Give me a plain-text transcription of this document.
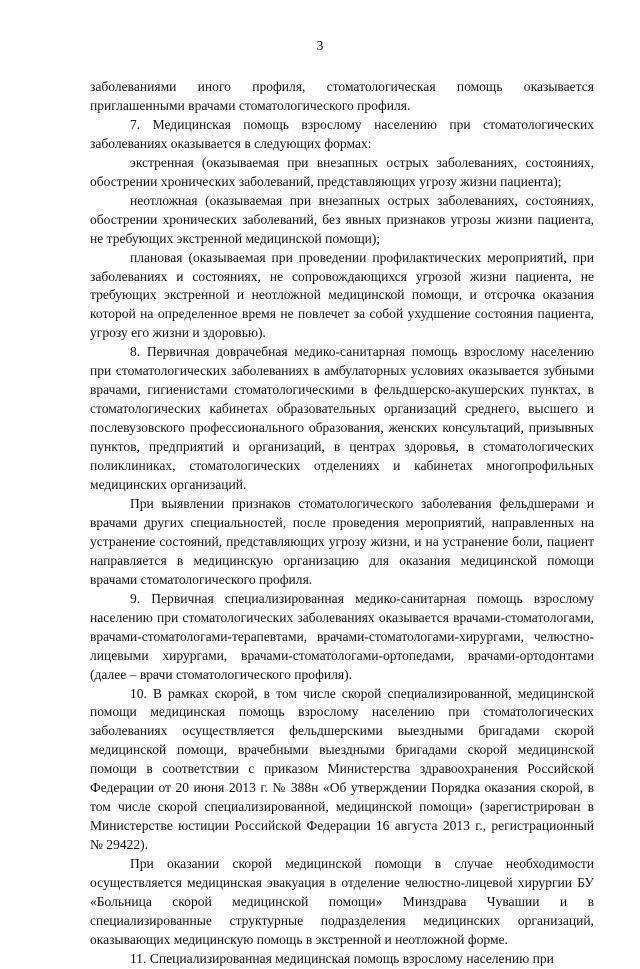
3

заболеваниями иного профиля, стоматологическая помощь оказывается приглашенными врачами стоматологического профиля.

7. Медицинская помощь взрослому населению при стоматологических заболеваниях оказывается в следующих формах:

экстренная (оказываемая при внезапных острых заболеваниях, состояниях, обострении хронических заболеваний, представляющих угрозу жизни пациента);

неотложная (оказываемая при внезапных острых заболеваниях, состояниях, обострении хронических заболеваний, без явных признаков угрозы жизни пациента, не требующих экстренной медицинской помощи);

плановая (оказываемая при проведении профилактических мероприятий, при заболеваниях и состояниях, не сопровождающихся угрозой жизни пациента, не требующих экстренной и неотложной медицинской помощи, и отсрочка оказания которой на определенное время не повлечет за собой ухудшение состояния пациента, угрозу его жизни и здоровью).

8. Первичная доврачебная медико-санитарная помощь взрослому населению при стоматологических заболеваниях в амбулаторных условиях оказывается зубными врачами, гигиенистами стоматологическими в фельдшерско-акушерских пунктах, в стоматологических кабинетах образовательных организаций среднего, высшего и послевузовского профессионального образования, женских консультаций, призывных пунктов, предприятий и организаций, в центрах здоровья, в стоматологических поликлиниках, стоматологических отделениях и кабинетах многопрофильных медицинских организаций.

При выявлении признаков стоматологического заболевания фельдшерами и врачами других специальностей, после проведения мероприятий, направленных на устранение состояний, представляющих угрозу жизни, и на устранение боли, пациент направляется в медицинскую организацию для оказания медицинской помощи врачами стоматологического профиля.

9. Первичная специализированная медико-санитарная помощь взрослому населению при стоматологических заболеваниях оказывается врачами-стоматологами, врачами-стоматологами-терапевтами, врачами-стоматологами-хирургами, челюстно-лицевыми хирургами, врачами-стоматологами-ортопедами, врачами-ортодонтами (далее – врачи стоматологического профиля).

10. В рамках скорой, в том числе скорой специализированной, медицинской помощи медицинская помощь взрослому населению при стоматологических заболеваниях осуществляется фельдшерскими выездными бригадами скорой медицинской помощи, врачебными выездными бригадами скорой медицинской помощи в соответствии с приказом Министерства здравоохранения Российской Федерации от 20 июня 2013 г. № 388н «Об утверждении Порядка оказания скорой, в том числе скорой специализированной, медицинской помощи» (зарегистрирован в Министерстве юстиции Российской Федерации 16 августа 2013 г., регистрационный № 29422).

При оказании скорой медицинской помощи в случае необходимости осуществляется медицинская эвакуация в отделение челюстно-лицевой хирургии БУ «Больница скорой медицинской помощи» Минздрава Чувашии и в специализированные структурные подразделения медицинских организаций, оказывающих медицинскую помощь в экстренной и неотложной форме.

11. Специализированная медицинская помощь взрослому населению при
